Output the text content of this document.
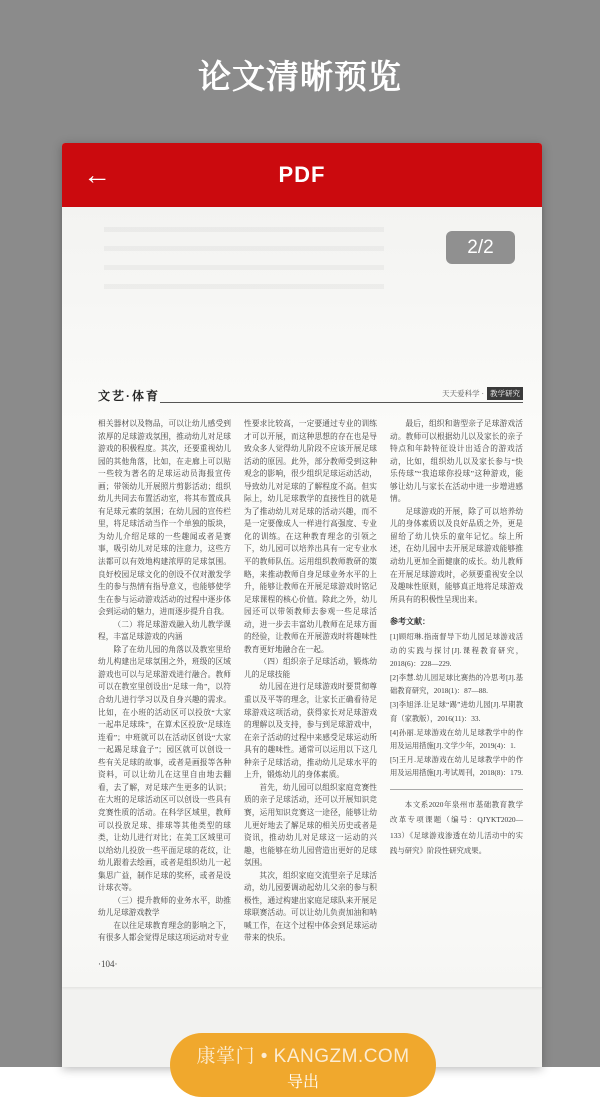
论文清晰预览
←	PDF
文艺·体育	天天爱科学 · 教学研究

相关器材以及物品，可以让幼儿感受到浓厚的足球游戏氛围，推动幼儿对足球游戏的积极程度。其次，还要重视幼儿园的其他角落，比如，在走廊上可以贴一些较为著名的足球运动员海报宣传画；带领幼儿开展照片剪影活动；组织幼儿共同去布置活动室，将其布置成具有足球元素的氛围；在幼儿园的宣传栏里，将足球活动当作一个单独的版块，为幼儿介绍足球的一些趣闻或者是赛事，吸引幼儿对足球的注意力，这些方法都可以有效地构建浓厚的足球氛围。良好校园足球文化的创设不仅对激发学生的参与热情有指导意义，也能够使学生在参与运动游戏活动的过程中逐步体会到运动的魅力，进而逐步提升自我。

（二）将足球游戏融入幼儿教学课程，丰富足球游戏的内涵

除了在幼儿园的角落以及教室里给幼儿构建出足球氛围之外，班级的区域游戏也可以与足球游戏进行融合。教师可以在教室里创设出“足球一角”，以符合幼儿进行学习以及自身兴趣的需求。比如，在小班的活动区可以投放“大家一起串足球珠”，在算术区投放“足球连连看”；中班就可以在活动区创设“大家一起踢足球盒子”；园区就可以创设一些有关足球的故事，或者是画报等各种资料，可以让幼儿在这里自由地去翻看，去了解，对足球产生更多的认识；在大班的足球活动区可以创设一些具有竞赛性质的活动。在科学区域里，教师可以投放足球、排球等其他类型的球类，让幼儿进行对比；在美工区域里可以给幼儿投放一些平面足球的花纹，让幼儿跟着去绘画，或者是组织幼儿一起集思广益，制作足球的奖杯，或者是设计球衣等。

（三）提升教师的业务水平，助推幼儿足球游戏教学

在以往足球教育理念的影响之下，有很多人都会觉得足球这项运动对专业

性要求比较高，一定要通过专业的训练才可以开展，而这种思想的存在也是导致众多人觉得幼儿阶段不应该开展足球活动的原因。此外，部分教师受到这种观念的影响，很少组织足球运动活动，导致幼儿对足球的了解程度不高。但实际上，幼儿足球教学的直接性目的就是为了推动幼儿对足球的活动兴趣，而不是一定要像成人一样进行高强度、专业化的训练。在这种教育理念的引领之下，幼儿园可以培养出具有一定专业水平的教师队伍。运用组织教师教研的策略，来推动教师自身足球业务水平的上升，能够让教师在开展足球游戏时铭记足球课程的核心价值。除此之外，幼儿园还可以带领教师去参观一些足球活动，进一步去丰富幼儿教师在足球方面的经验，让教师在开展游戏时将趣味性教育更好地融合在一起。

（四）组织亲子足球活动，锻炼幼儿的足球技能

幼儿园在进行足球游戏时要贯彻尊重以及平等的理念，让家长正确看待足球游戏这项活动，获得家长对足球游戏的理解以及支持，参与到足球游戏中，在亲子活动的过程中来感受足球运动所具有的趣味性。通常可以运用以下这几种亲子足球活动，推动幼儿足球水平的上升，锻炼幼儿的身体素质。

首先，幼儿园可以组织家庭竞赛性质的亲子足球活动，还可以开展知识竞赛，运用知识竞赛这一途径，能够让幼儿更好地去了解足球的相关历史或者是资讯，推动幼儿对足球这一运动的兴趣，也能够在幼儿园营造出更好的足球氛围。

其次，组织家庭交流型亲子足球活动，幼儿园要调动起幼儿父亲的参与积极性，通过构建出家庭足球队来开展足球联赛活动。可以让幼儿负责加油和呐喊工作，在这个过程中体会到足球运动带来的快乐。

最后，组织和谐型亲子足球游戏活动。教师可以根据幼儿以及家长的亲子特点和年龄特征设计出适合的游戏活动，比如，组织幼儿以及家长参与“快乐传球”“我追球你投球”这种游戏，能够让幼儿与家长在活动中进一步增进感情。

足球游戏的开展，除了可以培养幼儿的身体素质以及良好品质之外，更是留给了幼儿快乐的童年记忆。综上所述，在幼儿园中去开展足球游戏能够推动幼儿更加全面健康的成长。幼儿教师在开展足球游戏时，必须要重视安全以及趣味性原则，能够真正地将足球游戏所具有的积极性呈现出来。

参考文献：

[1]顾绍琳.指南督导下幼儿园足球游戏活动的实践与探讨[J].课程教育研究，2018(6)：228—229.

[2]李慧.幼儿园足球比赛热的冷思考[J].基础教育研究，2018(1)：87—88.

[3]李旭泽.让足球“踢”进幼儿园[J].早期教育（家教版），2016(11)：33.

[4]孙丽.足球游戏在幼儿足球教学中的作用及运用措施[J].文学少年，2019(4)：1.

[5]王月.足球游戏在幼儿足球教学中的作用及运用措施[J].考试周刊，2018(8)：179.

本文系2020年泉州市基础教育教学改革专项课题（编号：QJYKT2020—133）《足球游戏渗透在幼儿活动中的实践与研究》阶段性研究成果。

·104·
2/2
康掌门 • KANGZM.COM
导出
